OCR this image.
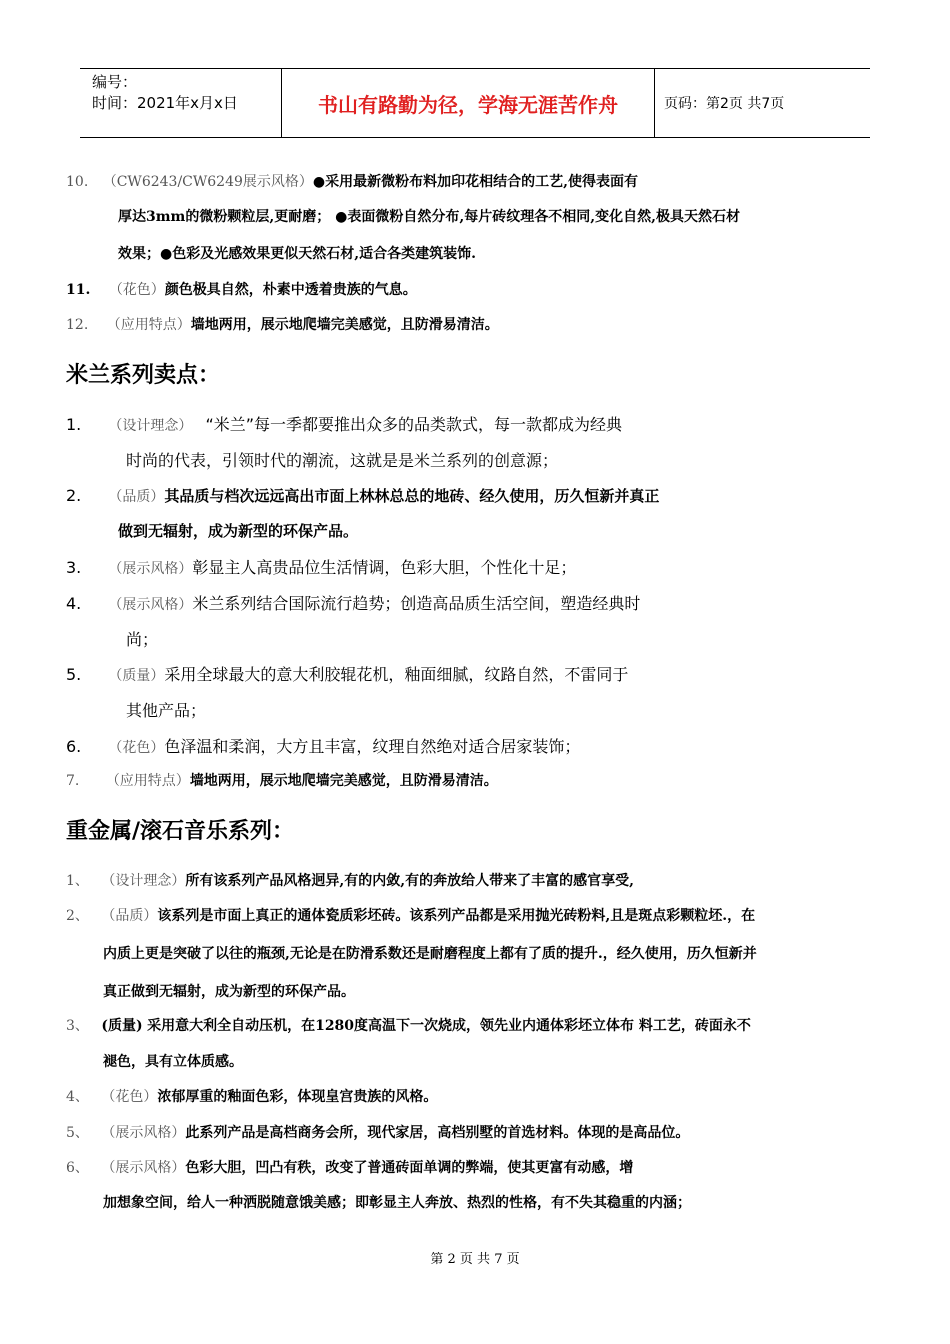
编号：
时间：2021年x月x日	书山有路勤为径，学海无涯苦作舟	页码：第2页 共7页
10. （CW6243/CW6249展示风格）●采用最新微粉布料加印花相结合的工艺,使得表面有
厚达3mm的微粉颗粒层,更耐磨； ●表面微粉自然分布,每片砖纹理各不相同,变化自然,极具天然石材
效果；●色彩及光感效果更似天然石材,适合各类建筑装饰.
11. （花色）颜色极具自然，朴素中透着贵族的气息。
12. （应用特点）墙地两用，展示地爬墙完美感觉，且防滑易清洁。
米兰系列卖点：
1. （设计理念） “米兰”每一季都要推出众多的品类款式，每一款都成为经典
时尚的代表，引领时代的潮流，这就是是米兰系列的创意源；
2. （品质）其品质与档次远远高出市面上林林总总的地砖、经久使用，历久恒新并真正
做到无辐射，成为新型的环保产品。
3. （展示风格）彰显主人高贵品位生活情调，色彩大胆，个性化十足；
4. （展示风格）米兰系列结合国际流行趋势；创造高品质生活空间，塑造经典时
尚；
5. （质量）采用全球最大的意大利胶辊花机，釉面细腻，纹路自然，不雷同于
其他产品；
6. （花色）色泽温和柔润，大方且丰富，纹理自然绝对适合居家装饰；
7. （应用特点）墙地两用，展示地爬墙完美感觉，且防滑易清洁。
重金属/滚石音乐系列：
1、 （设计理念）所有该系列产品风格迥异,有的内敛,有的奔放给人带来了丰富的感官享受,
2、 （品质）该系列是市面上真正的通体瓷质彩坯砖。该系列产品都是采用抛光砖粉料,且是斑点彩颗粒坯.，在
内质上更是突破了以往的瓶颈,无论是在防滑系数还是耐磨程度上都有了质的提升.，经久使用，历久恒新并
真正做到无辐射，成为新型的环保产品。
3、 (质量) 采用意大利全自动压机，在1280度高温下一次烧成，领先业内通体彩坯立体布 料工艺，砖面永不
褪色，具有立体质感。
4、 （花色）浓郁厚重的釉面色彩，体现皇宫贵族的风格。
5、 （展示风格）此系列产品是高档商务会所，现代家居，高档别墅的首选材料。体现的是高品位。
6、 （展示风格）色彩大胆，凹凸有秩，改变了普通砖面单调的弊端，使其更富有动感，增
加想象空间，给人一种洒脱随意饿美感；即彰显主人奔放、热烈的性格，有不失其稳重的内涵；
第 2 页 共 7 页
